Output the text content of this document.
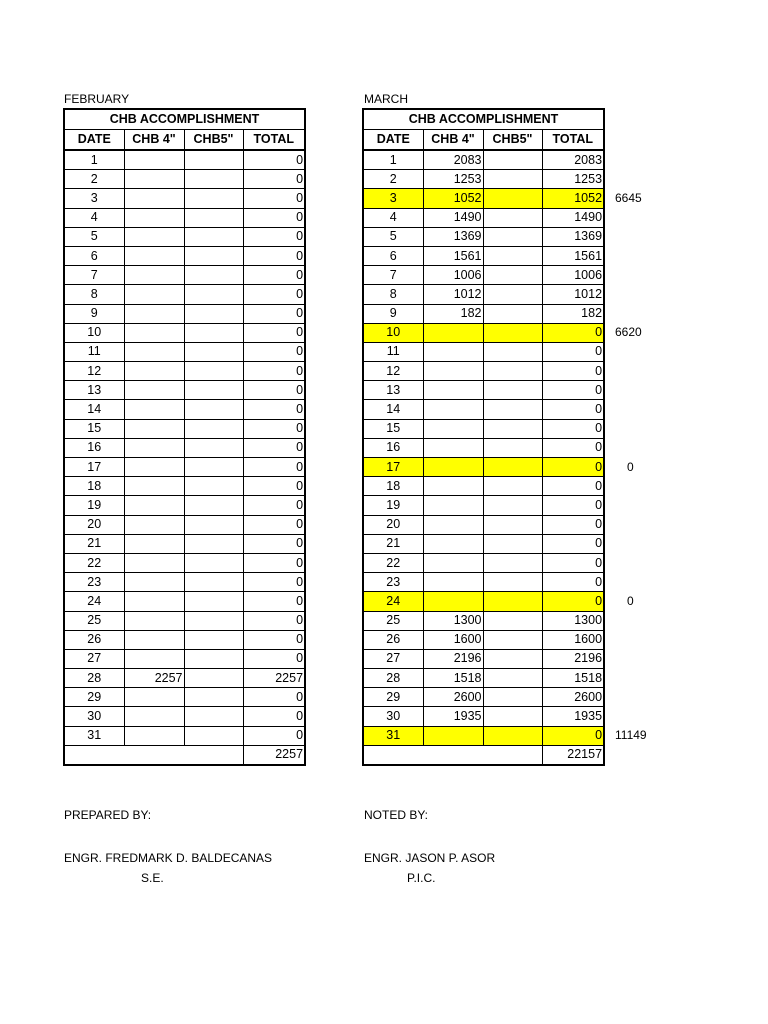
FEBRUARY
CHB ACCOMPLISHMENT			
DATE	CHB 4"	CHB5"	TOTAL
1			0
2			0
3			0
4			0
5			0
6			0
7			0
8			0
9			0
10			0
11			0
12			0
13			0
14			0
15			0
16			0
17			0
18			0
19			0
20			0
21			0
22			0
23			0
24			0
25			0
26			0
27			0
28	2257		2257
29			0
30			0
31			0
			2257
MARCH
CHB ACCOMPLISHMENT			
DATE	CHB 4"	CHB5"	TOTAL
1	2083		2083
2	1253		1253
3	1052		1052
4	1490		1490
5	1369		1369
6	1561		1561
7	1006		1006
8	1012		1012
9	182		182
10			0
11			0
12			0
13			0
14			0
15			0
16			0
17			0
18			0
19			0
20			0
21			0
22			0
23			0
24			0
25	1300		1300
26	1600		1600
27	2196		2196
28	1518		1518
29	2600		2600
30	1935		1935
31			0
			22157
6645
6620
0
0
11149
PREPARED BY:
ENGR. FREDMARK D. BALDECANAS
S.E.
NOTED BY:
ENGR. JASON P. ASOR
P.I.C.
